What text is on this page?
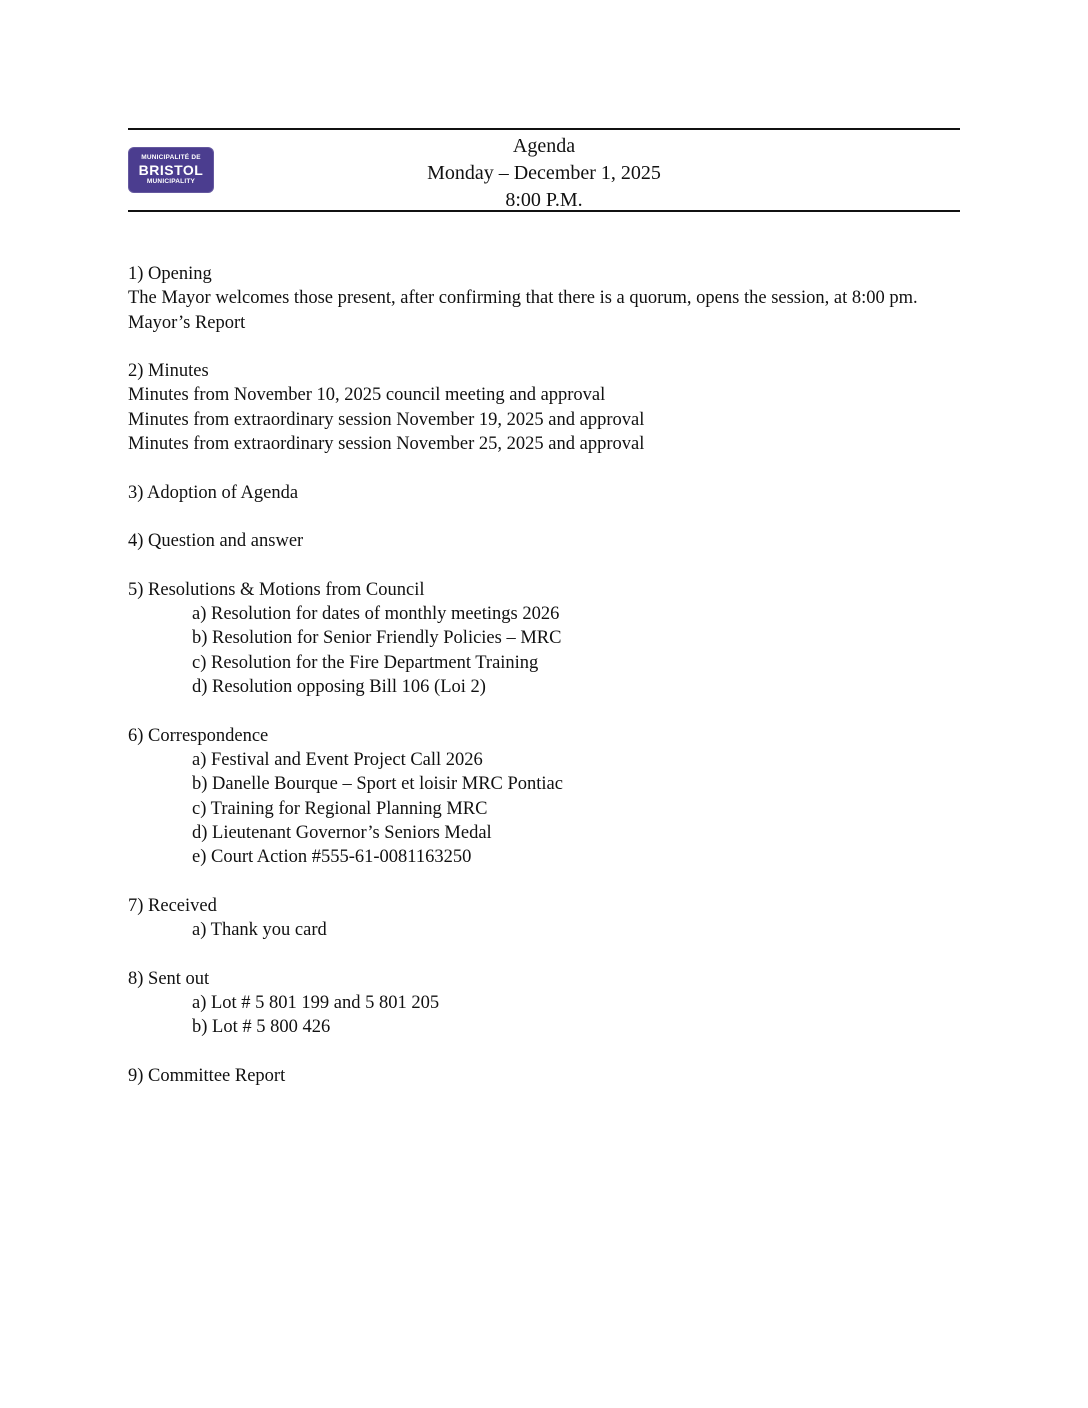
MUNICIPALITÉ DE
BRISTOL
MUNICIPALITY
Agenda
Monday – December 1, 2025
8:00 P.M.

1) Opening

The Mayor welcomes those present, after confirming that there is a quorum, opens the session, at 8:00 pm.

Mayor’s Report

2) Minutes

Minutes from November 10, 2025 council meeting and approval

Minutes from extraordinary session November 19, 2025 and approval

Minutes from extraordinary session November 25, 2025 and approval

3) Adoption of Agenda

4) Question and answer

5) Resolutions & Motions from Council

a) Resolution for dates of monthly meetings 2026

b) Resolution for Senior Friendly Policies – MRC

c) Resolution for the Fire Department Training

d) Resolution opposing Bill 106 (Loi 2)

6) Correspondence

a) Festival and Event Project Call 2026

b) Danelle Bourque – Sport et loisir MRC Pontiac

c) Training for Regional Planning MRC

d) Lieutenant Governor’s Seniors Medal

e) Court Action #555-61-0081163250

7) Received

a) Thank you card

8) Sent out

a) Lot # 5 801 199 and 5 801 205

b) Lot # 5 800 426

9) Committee Report
